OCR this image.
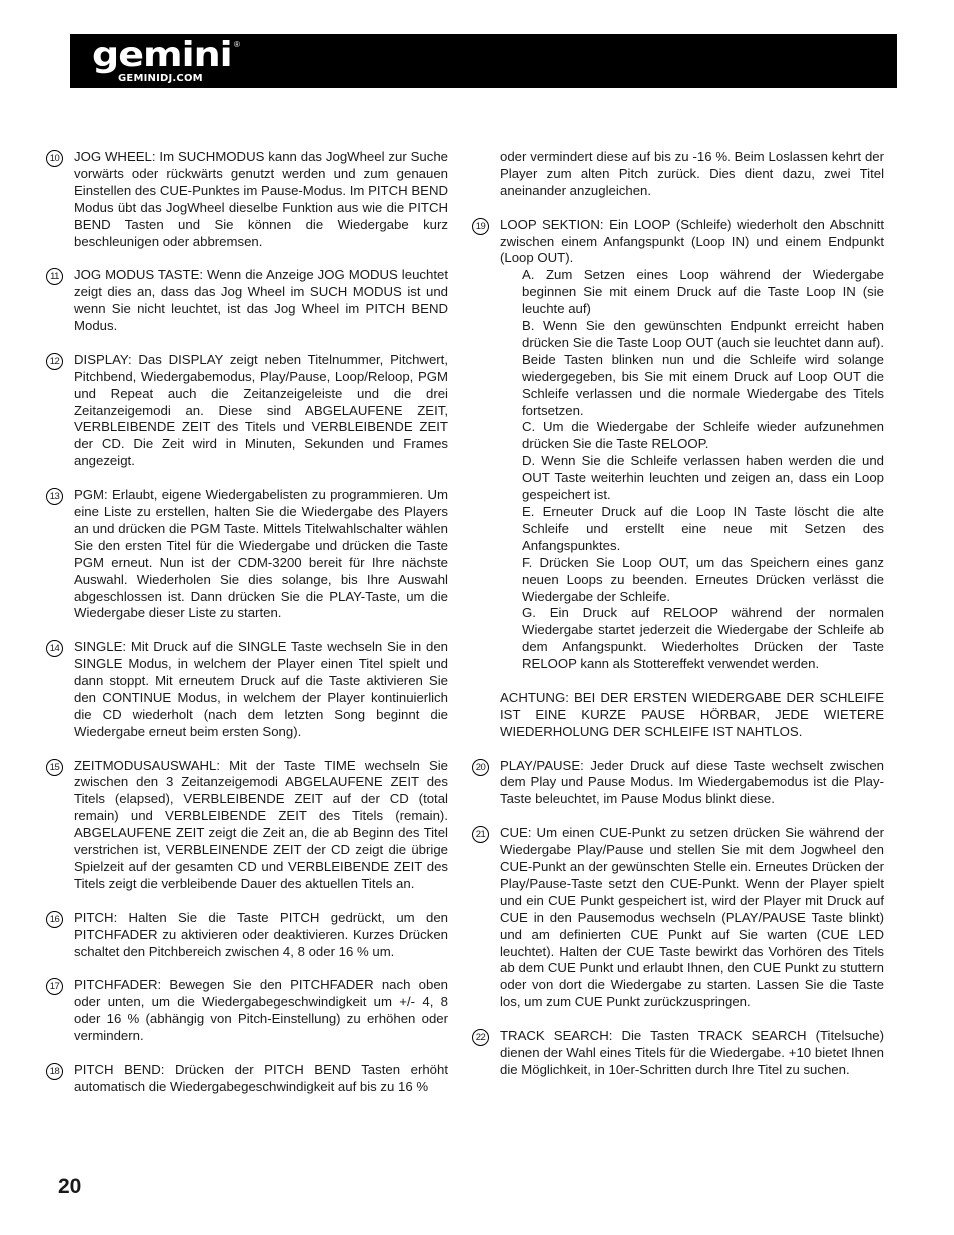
gemini ®
GEMINIDJ.COM	CDM-3200
10 JOG WHEEL: Im SUCHMODUS kann das JogWheel zur Suche vorwärts oder rückwärts genutzt werden und zum genauen Einstellen des CUE-Punktes im Pause-Modus. Im PITCH BEND Modus übt das JogWheel dieselbe Funktion aus wie die PITCH BEND Tasten und Sie können die Wiedergabe kurz beschleunigen oder abbremsen.

11	JOG MODUS TASTE: Wenn die Anzeige JOG MODUS leuchtet zeigt dies an, dass das Jog Wheel im SUCH MODUS ist und wenn Sie nicht leuchtet, ist das Jog Wheel im PITCH BEND Modus.

12 DISPLAY: Das DISPLAY zeigt neben Titelnummer, Pitchwert, Pitchbend, Wiedergabemodus, Play/Pause, Loop/Reloop, PGM und Repeat auch die Zeitanzeigeleiste und die drei Zeitanzeigemodi an. Diese sind ABGELAUFENE ZEIT, VERBLEIBENDE ZEIT des Titels und VERBLEIBENDE ZEIT der CD. Die Zeit wird in Minuten, Sekunden und Frames angezeigt.

13 PGM: Erlaubt, eigene Wiedergabelisten zu programmieren. Um eine Liste zu erstellen, halten Sie die Wiedergabe des Players an und drücken die PGM Taste. Mittels Titelwahlschalter wählen Sie den ersten Titel für die Wiedergabe und drücken die Taste PGM erneut. Nun ist der CDM-3200 bereit für Ihre nächste Auswahl. Wiederholen Sie dies solange, bis Ihre Auswahl abgeschlossen ist. Dann drücken Sie die PLAY-Taste, um die Wiedergabe dieser Liste zu starten.

14 SINGLE: Mit Druck auf die SINGLE Taste wechseln Sie in den SINGLE Modus, in welchem der Player einen Titel spielt und dann stoppt. Mit erneutem Druck auf die Taste aktivieren Sie den CONTINUE Modus, in welchem der Player kontinuierlich die CD wiederholt (nach dem letzten Song beginnt die Wiedergabe erneut beim ersten Song).

15 ZEITMODUSAUSWAHL: Mit der Taste TIME wechseln Sie zwischen den 3 Zeitanzeigemodi ABGELAUFENE ZEIT des Titels (elapsed), VERBLEIBENDE ZEIT auf der CD (total remain) und VERBLEIBENDE ZEIT des Titels (remain). ABGELAUFENE ZEIT zeigt die Zeit an, die ab Beginn des Titel verstrichen ist, VERBLEINENDE ZEIT der CD zeigt die übrige Spielzeit auf der gesamten CD und VERBLEIBENDE ZEIT des Titels zeigt die verbleibende Dauer des aktuellen Titels an.

16 PITCH: Halten Sie die Taste PITCH gedrückt, um den PITCHFADER zu aktivieren oder deaktivieren. Kurzes Drücken schaltet den Pitchbereich zwischen 4, 8 oder 16 % um.

17 PITCHFADER: Bewegen Sie den PITCHFADER nach oben oder unten, um die Wiedergabegeschwindigkeit um +/- 4, 8 oder 16 % (abhängig von Pitch-Einstellung) zu erhöhen oder vermindern.

18 PITCH BEND: Drücken der PITCH BEND Tasten erhöht automatisch die Wiedergabegeschwindigkeit auf bis zu 16 %

oder vermindert diese auf bis zu -16 %. Beim Loslassen kehrt der Player zum alten Pitch zurück. Dies dient dazu, zwei Titel aneinander anzugleichen.

19 LOOP SEKTION: Ein LOOP (Schleife) wiederholt den Abschnitt zwischen einem Anfangspunkt (Loop IN) und einem Endpunkt (Loop OUT).

A. Zum Setzen eines Loop während der Wiedergabe beginnen Sie mit einem Druck auf die Taste Loop IN (sie leuchte auf)

B. Wenn Sie den gewünschten Endpunkt erreicht haben drücken Sie die Taste Loop OUT (auch sie leuchtet dann auf). Beide Tasten blinken nun und die Schleife wird solange wiedergegeben, bis Sie mit einem Druck auf Loop OUT die Schleife verlassen und die normale Wiedergabe des Titels fortsetzen.

C. Um die Wiedergabe der Schleife wieder aufzunehmen drücken Sie die Taste RELOOP.

D. Wenn Sie die Schleife verlassen haben werden die und OUT Taste weiterhin leuchten und zeigen an, dass ein Loop gespeichert ist.

E. Erneuter Druck auf die Loop IN Taste löscht die alte Schleife und erstellt eine neue mit Setzen des Anfangspunktes.

F. Drücken Sie Loop OUT, um das Speichern eines ganz neuen Loops zu beenden. Erneutes Drücken verlässt die Wiedergabe der Schleife.

G. Ein Druck auf RELOOP während der normalen Wiedergabe startet jederzeit die Wiedergabe der Schleife ab dem Anfangspunkt. Wiederholtes Drücken der Taste RELOOP kann als Stottereffekt verwendet werden.

ACHTUNG: BEI DER ERSTEN WIEDERGABE DER SCHLEIFE IST EINE KURZE PAUSE HÖRBAR, JEDE WIETERE WIEDERHOLUNG DER SCHLEIFE IST NAHTLOS.

20 PLAY/PAUSE: Jeder Druck auf diese Taste wechselt zwischen dem Play und Pause Modus. Im Wiedergabemodus ist die Play-Taste beleuchtet, im Pause Modus blinkt diese.

21 CUE: Um einen CUE-Punkt zu setzen drücken Sie während der Wiedergabe Play/Pause und stellen Sie mit dem Jogwheel den CUE-Punkt an der gewünschten Stelle ein. Erneutes Drücken der Play/Pause-Taste setzt den CUE-Punkt. Wenn der Player spielt und ein CUE Punkt gespeichert ist, wird der Player mit Druck auf CUE in den Pausemodus wechseln (PLAY/PAUSE Taste blinkt) und am definierten CUE Punkt auf Sie warten (CUE LED leuchtet). Halten der CUE Taste bewirkt das Vorhören des Titels ab dem CUE Punkt und erlaubt Ihnen, den CUE Punkt zu stuttern oder von dort die Wiedergabe zu starten. Lassen Sie die Taste los, um zum CUE Punkt zurückzuspringen.

22 TRACK SEARCH: Die Tasten TRACK SEARCH (Titelsuche) dienen der Wahl eines Titels für die Wiedergabe. +10 bietet Ihnen die Möglichkeit, in 10er-Schritten durch Ihre Titel zu suchen.

20
